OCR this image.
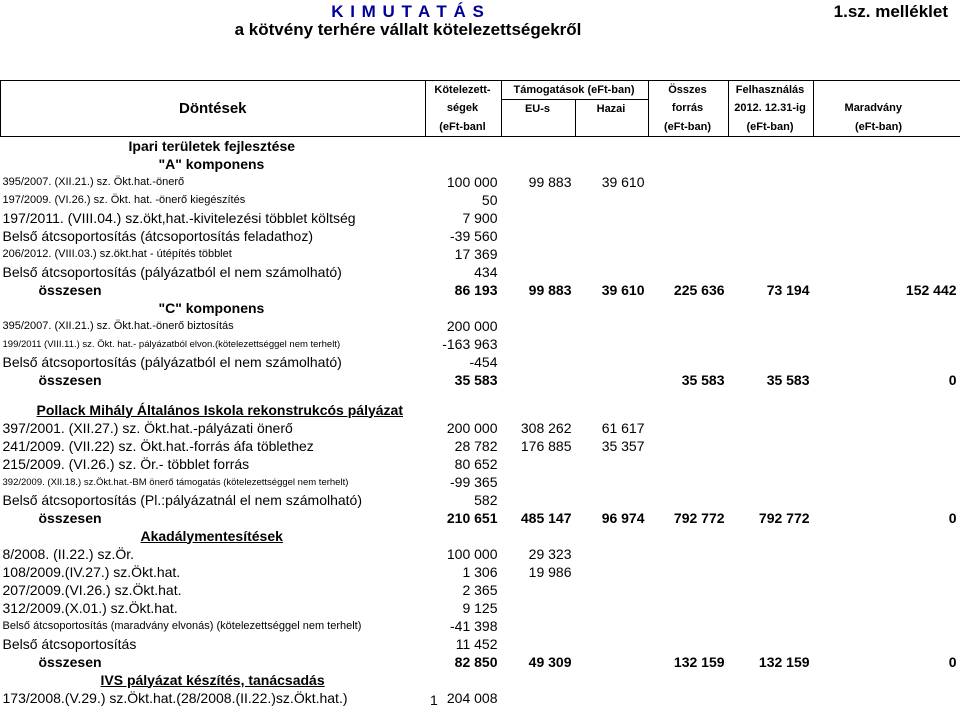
K I M U T A T Á S
a kötvény terhére vállalt kötelezettségekről
1.sz. melléklet
	Kötelezett-	Támogatások (eFt-ban)		Összes	Felhasználás	
Döntések	ségek	EU-s	Hazai	forrás	2012. 12.31-ig	Maradvány
	(eFt-banl			(eFt-ban)	(eFt-ban)	(eFt-ban)
Ipari területek fejlesztése						
"A" komponens						
395/2007. (XII.21.) sz. Ökt.hat.-önerő	100 000	99 883	39 610			
197/2009. (VI.26.) sz. Ökt. hat. -önerő kiegészítés	50					
197/2011. (VIII.04.) sz.ökt,hat.-kivitelezési többlet költség	7 900					
Belső átcsoportosítás (átcsoportosítás feladathoz)	-39 560					
206/2012. (VIII.03.) sz.ökt.hat - útépítés többlet	17 369					
Belső átcsoportosítás (pályázatból el nem számolható)	434					
összesen	86 193	99 883	39 610	225 636	73 194	152 442
"C" komponens						
395/2007. (XII.21.) sz. Ökt.hat.-önerő biztosítás	200 000					
199/2011 (VIII.11.) sz. Ökt. hat.- pályázatból elvon.(kötelezettséggel nem terhelt)	-163 963					
Belső átcsoportosítás (pályázatból el nem számolható)	-454					
összesen	35 583			35 583	35 583	0

Pollack Mihály Általános Iskola rekonstrukcós pályázat						
397/2001. (XII.27.) sz. Ökt.hat.-pályázati önerő	200 000	308 262	61 617			
241/2009. (VII.22) sz. Ökt.hat.-forrás áfa töblethez	28 782	176 885	35 357			
215/2009. (VI.26.) sz. Ör.- többlet forrás	80 652					
392/2009. (XII.18.) sz.Ökt.hat.-BM önerő támogatás (kötelezettséggel nem terhelt)	-99 365					
Belső átcsoportosítás (Pl.:pályázatnál el nem számolható)	582					
összesen	210 651	485 147	96 974	792 772	792 772	0
Akadálymentesítések						
8/2008. (II.22.) sz.Ör.	100 000	29 323				
108/2009.(IV.27.) sz.Ökt.hat.	1 306	19 986				
207/2009.(VI.26.) sz.Ökt.hat.	2 365					
312/2009.(X.01.) sz.Ökt.hat.	9 125					
Belső átcsoportosítás (maradvány elvonás) (kötelezettséggel nem terhelt)	-41 398					
Belső átcsoportosítás	11 452					
összesen	82 850	49 309		132 159	132 159	0
IVS pályázat készítés, tanácsadás						
173/2008.(V.29.) sz.Ökt.hat.(28/2008.(II.22.)sz.Ökt.hat.)	204 008					
1
